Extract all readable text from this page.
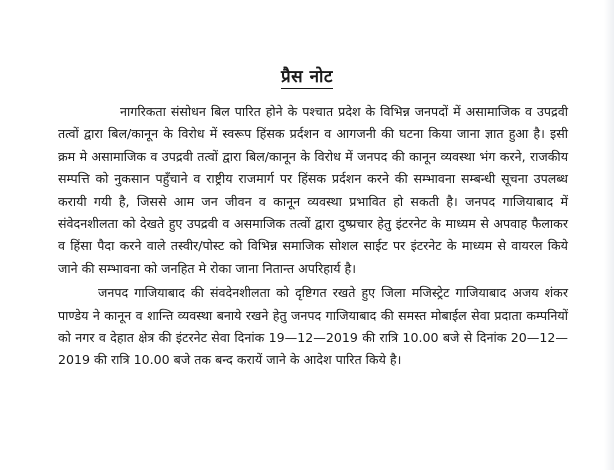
प्रैस नोट

नागरिकता संसोधन बिल पारित होने के पश्चात प्रदेश के विभिन्न जनपदों में असामाजिक व उपद्रवी तत्वों द्वारा बिल/कानून के विरोध में स्वरूप हिंसक प्रर्दशन व आगजनी की घटना किया जाना ज्ञात हुआ है। इसी क्रम मे असामाजिक व उपद्रवी तत्वों द्वारा बिल/कानून के विरोध में जनपद की कानून व्यवस्था भंग करने, राजकीय सम्पत्ति को नुकसान पहुँचाने व राष्ट्रीय राजमार्ग पर हिंसक प्रर्दशन करने की सम्भावना सम्बन्धी सूचना उपलब्ध करायी गयी है, जिससे आम जन जीवन व कानून व्यवस्था प्रभावित हो सकती है। जनपद गाजियाबाद में संवेदनशीलता को देखते हुए उपद्रवी व असमाजिक तत्वों द्वारा दुष्प्रचार हेतु इंटरनेट के माध्यम से अपवाह फैलाकर व हिंसा पैदा करने वाले तस्वीर/पोस्ट को विभिन्न समाजिक सोशल साईट पर इंटरनेट के माध्यम से वायरल किये जाने की सम्भावना को जनहित मे रोका जाना नितान्त अपरिहार्य है।

जनपद गाजियाबाद की संवदेनशीलता को दृष्टिगत रखते हुए जिला मजिस्ट्रेट गाजियाबाद अजय शंकर पाण्डेय ने कानून व शान्ति व्यवस्था बनाये रखने हेतु जनपद गाजियाबाद की समस्त मोबाईल सेवा प्रदाता कम्पनियों को नगर व देहात क्षेत्र की इंटरनेट सेवा दिनांक 19—12—2019 की रात्रि 10.00 बजे से दिनांक 20—12—2019 की रात्रि 10.00 बजे तक बन्द करायें जाने के आदेश पारित किये है।
